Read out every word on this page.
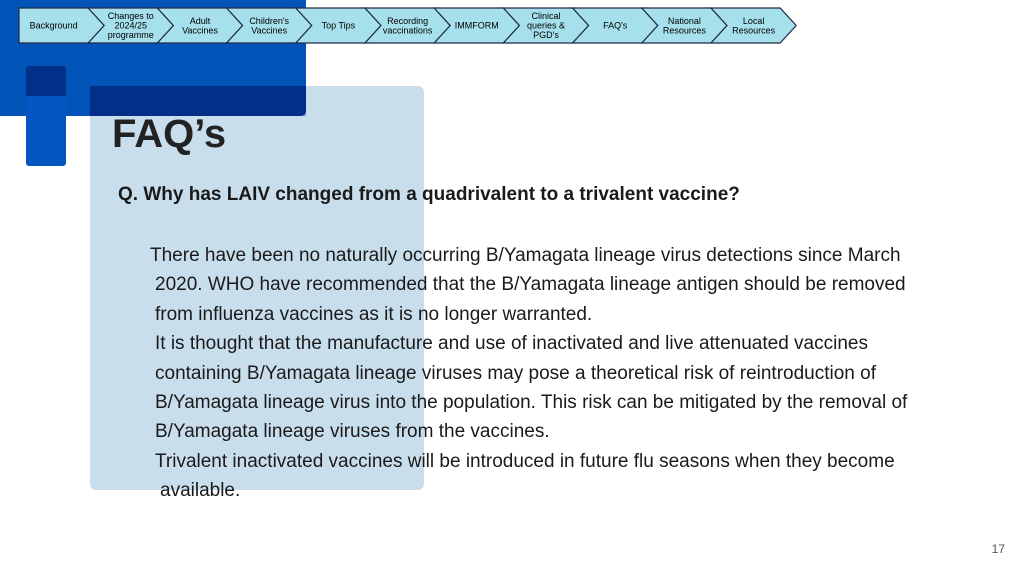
Background
Changes to
2024/25
programme
Adult
Vaccines
Children's
Vaccines	Top Tips	Recording
vaccinations IMMFORM
Clinical
queries &
PGD's
FAQ's	National
Resources
Local
Resources
FAQ’s
Q. Why has LAIV changed from a quadrivalent to a trivalent vaccine?
There have been no naturally occurring B/Yamagata lineage virus detections since March
2020. WHO have recommended that the B/Yamagata lineage antigen should be removed
from influenza vaccines as it is no longer warranted.
It is thought that the manufacture and use of inactivated and live attenuated vaccines
containing B/Yamagata lineage viruses may pose a theoretical risk of reintroduction of
B/Yamagata lineage virus into the population. This risk can be mitigated by the removal of
B/Yamagata lineage viruses from the vaccines.
Trivalent inactivated vaccines will be introduced in future flu seasons when they become
available.
17
